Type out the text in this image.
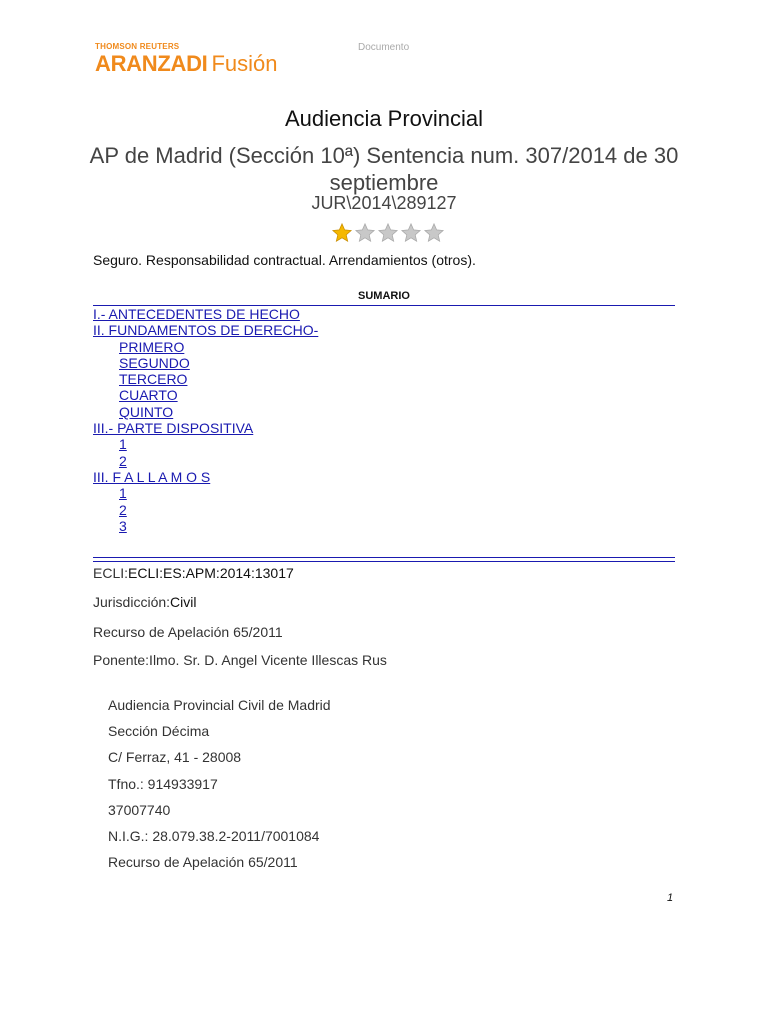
THOMSON REUTERS
ARANZADI Fusión
Documento
Audiencia Provincial
AP de Madrid (Sección 10ª) Sentencia num. 307/2014 de 30 septiembre
JUR\2014\289127
Seguro. Responsabilidad contractual. Arrendamientos (otros).
SUMARIO
I.- ANTECEDENTES DE HECHO
II. FUNDAMENTOS DE DERECHO-
PRIMERO
SEGUNDO
TERCERO
CUARTO
QUINTO
III.- PARTE DISPOSITIVA
1
2
III. F A L L A M O S
1
2
3
ECLI:ECLI:ES:APM:2014:13017
Jurisdicción:Civil
Recurso de Apelación 65/2011
Ponente:Ilmo. Sr. D. Angel Vicente Illescas Rus
Audiencia Provincial Civil de Madrid
Sección Décima
C/ Ferraz, 41 - 28008
Tfno.: 914933917
37007740
N.I.G.: 28.079.38.2-2011/7001084
Recurso de Apelación 65/2011
1
